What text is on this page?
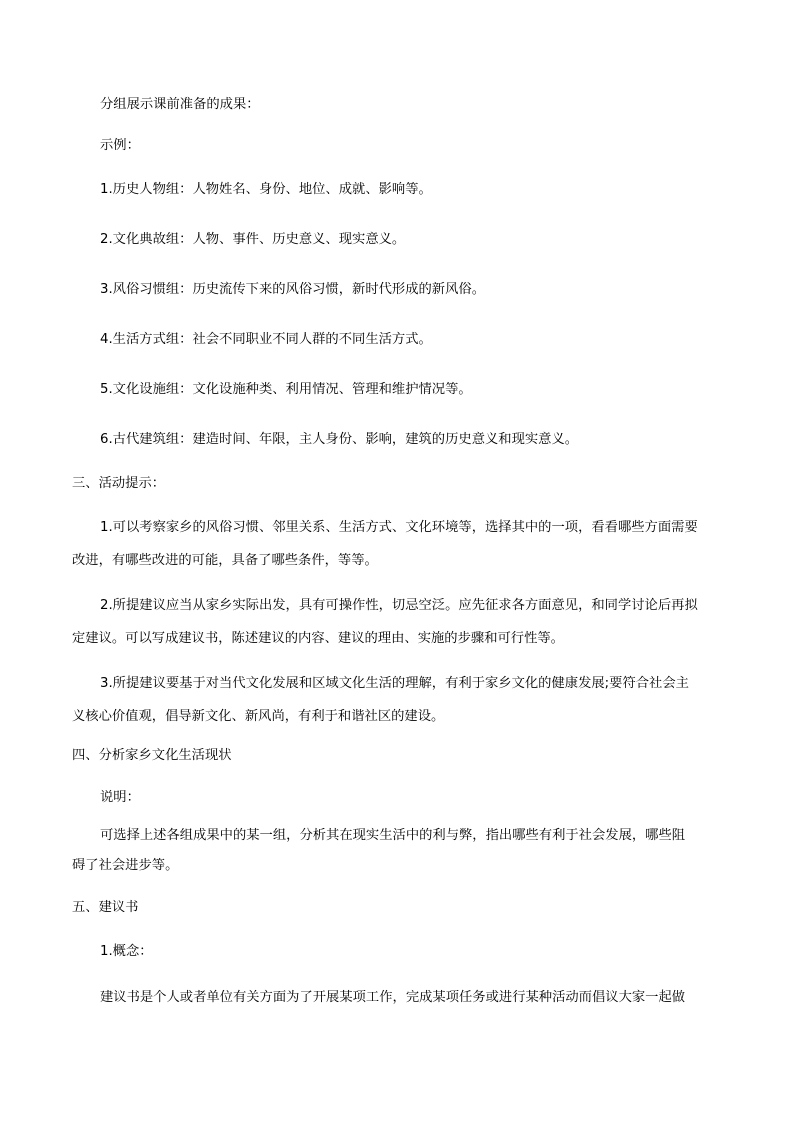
分组展示课前准备的成果：

示例：

1.历史人物组：人物姓名、身份、地位、成就、影响等。

2.文化典故组：人物、事件、历史意义、现实意义。

3.风俗习惯组：历史流传下来的风俗习惯，新时代形成的新风俗。

4.生活方式组：社会不同职业不同人群的不同生活方式。

5.文化设施组：文化设施种类、利用情况、管理和维护情况等。

6.古代建筑组：建造时间、年限，主人身份、影响，建筑的历史意义和现实意义。

三、活动提示：

1.可以考察家乡的风俗习惯、邻里关系、生活方式、文化环境等，选择其中的一项，看看哪些方面需要

改进，有哪些改进的可能，具备了哪些条件，等等。

2.所提建议应当从家乡实际出发，具有可操作性，切忌空泛。应先征求各方面意见，和同学讨论后再拟

定建议。可以写成建议书，陈述建议的内容、建议的理由、实施的步骤和可行性等。

3.所提建议要基于对当代文化发展和区域文化生活的理解，有利于家乡文化的健康发展;要符合社会主

义核心价值观，倡导新文化、新风尚，有利于和谐社区的建设。

四、分析家乡文化生活现状

说明：

可选择上述各组成果中的某一组，分析其在现实生活中的利与弊，指出哪些有利于社会发展，哪些阻

碍了社会进步等。

五、建议书

1.概念：

建议书是个人或者单位有关方面为了开展某项工作，完成某项任务或进行某种活动而倡议大家一起做
